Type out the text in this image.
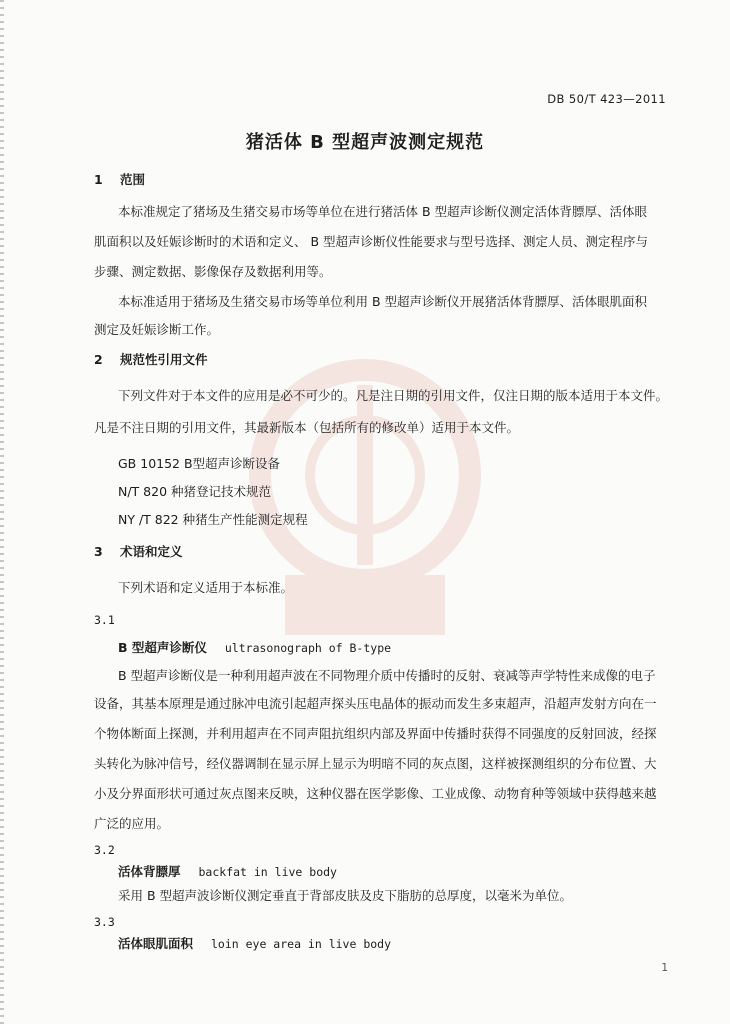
DB 50/T 423—2011
猪活体 B 型超声波测定规范
1 范围
本标准规定了猪场及生猪交易市场等单位在进行猪活体 B 型超声诊断仪测定活体背膘厚、活体眼
肌面积以及妊娠诊断时的术语和定义、 B 型超声诊断仪性能要求与型号选择、测定人员、测定程序与
步骤、测定数据、影像保存及数据利用等。
本标准适用于猪场及生猪交易市场等单位利用 B 型超声诊断仪开展猪活体背膘厚、活体眼肌面积
测定及妊娠诊断工作。
2 规范性引用文件
下列文件对于本文件的应用是必不可少的。凡是注日期的引用文件，仅注日期的版本适用于本文件。
凡是不注日期的引用文件，其最新版本（包括所有的修改单）适用于本文件。
GB 10152 B型超声诊断设备
N/T 820 种猪登记技术规范
NY /T 822 种猪生产性能测定规程
3 术语和定义
下列术语和定义适用于本标准。
3.1
B 型超声诊断仪 ultrasonograph of B-type
B 型超声诊断仪是一种利用超声波在不同物理介质中传播时的反射、衰减等声学特性来成像的电子
设备，其基本原理是通过脉冲电流引起超声探头压电晶体的振动而发生多束超声，沿超声发射方向在一
个物体断面上探测，并利用超声在不同声阻抗组织内部及界面中传播时获得不同强度的反射回波，经探
头转化为脉冲信号，经仪器调制在显示屏上显示为明暗不同的灰点图，这样被探测组织的分布位置、大
小及分界面形状可通过灰点图来反映，这种仪器在医学影像、工业成像、动物育种等领域中获得越来越
广泛的应用。
3.2
活体背膘厚 backfat in live body
采用 B 型超声波诊断仪测定垂直于背部皮肤及皮下脂肪的总厚度，以毫米为单位。
3.3
活体眼肌面积 loin eye area in live body
1
